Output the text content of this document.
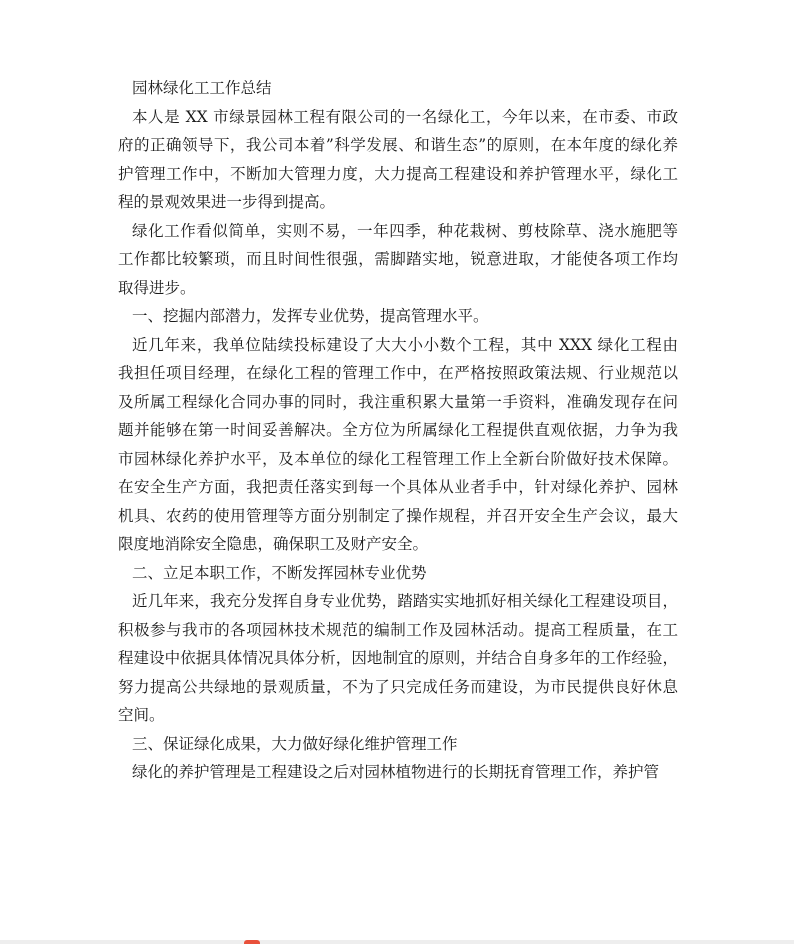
园林绿化工工作总结
本人是 XX 市绿景园林工程有限公司的一名绿化工，今年以来，在市委、市政
府的正确领导下，我公司本着”科学发展、和谐生态”的原则，在本年度的绿化养
护管理工作中，不断加大管理力度，大力提高工程建设和养护管理水平，绿化工
程的景观效果进一步得到提高。
绿化工作看似简单，实则不易，一年四季，种花栽树、剪枝除草、浇水施肥等
工作都比较繁琐，而且时间性很强，需脚踏实地，锐意进取，才能使各项工作均
取得进步。
一、挖掘内部潜力，发挥专业优势，提高管理水平。
近几年来，我单位陆续投标建设了大大小小数个工程，其中 XXX 绿化工程由
我担任项目经理，在绿化工程的管理工作中，在严格按照政策法规、行业规范以
及所属工程绿化合同办事的同时，我注重积累大量第一手资料，准确发现存在问
题并能够在第一时间妥善解决。全方位为所属绿化工程提供直观依据，力争为我
市园林绿化养护水平，及本单位的绿化工程管理工作上全新台阶做好技术保障。
在安全生产方面，我把责任落实到每一个具体从业者手中，针对绿化养护、园林
机具、农药的使用管理等方面分别制定了操作规程，并召开安全生产会议，最大
限度地消除安全隐患，确保职工及财产安全。
二、立足本职工作，不断发挥园林专业优势
近几年来，我充分发挥自身专业优势，踏踏实实地抓好相关绿化工程建设项目，
积极参与我市的各项园林技术规范的编制工作及园林活动。提高工程质量，在工
程建设中依据具体情况具体分析，因地制宜的原则，并结合自身多年的工作经验，
努力提高公共绿地的景观质量，不为了只完成任务而建设，为市民提供良好休息
空间。
三、保证绿化成果，大力做好绿化维护管理工作
绿化的养护管理是工程建设之后对园林植物进行的长期抚育管理工作，养护管
